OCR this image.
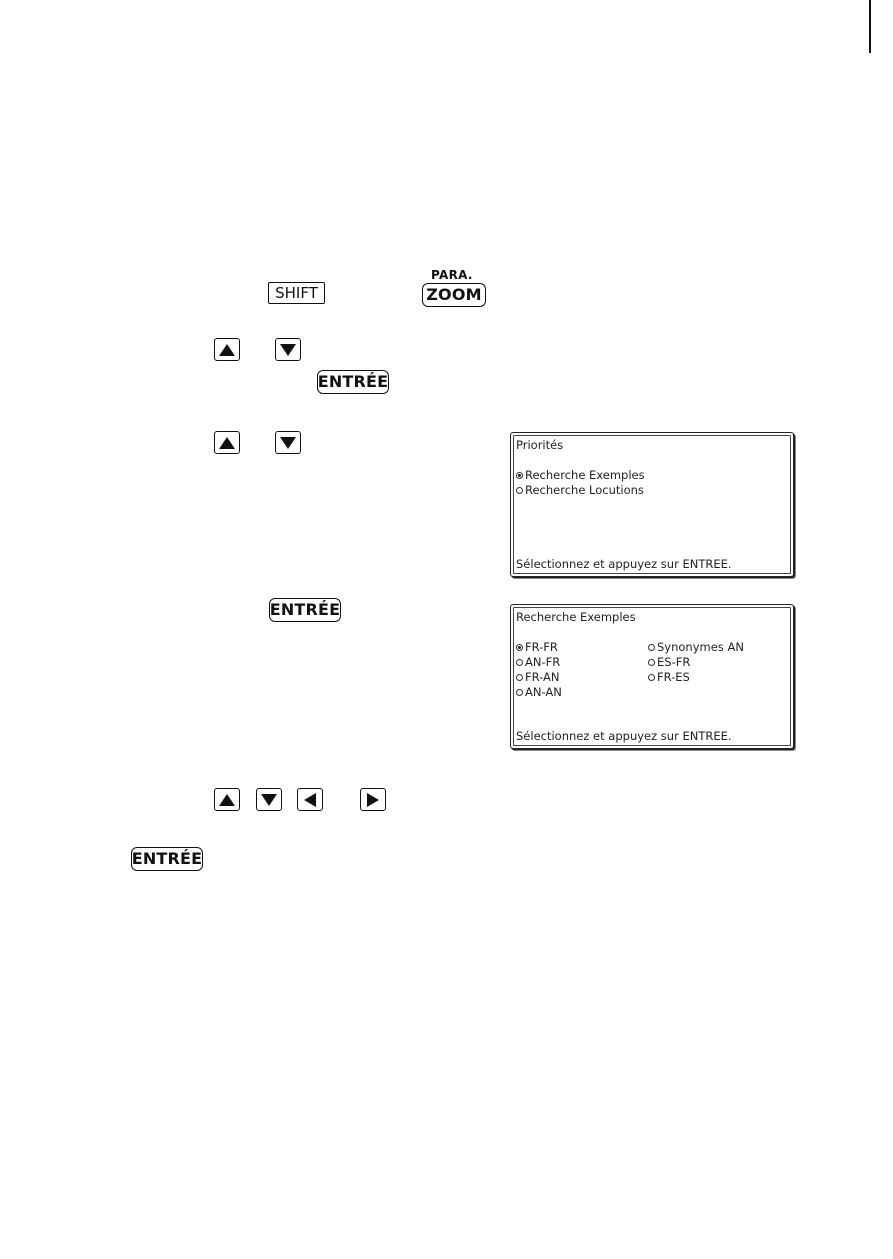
SHIFT
PARA.
ZOOM
ENTRÉE
Priorités
Recherche Exemples
Recherche Locutions
Sélectionnez et appuyez sur ENTREE.
ENTRÉE	Recherche Exemples
FR-FR
AN-FR
FR-AN
AN-AN
Synonymes AN
ES-FR
FR-ES
Sélectionnez et appuyez sur ENTREE.
ENTRÉE
